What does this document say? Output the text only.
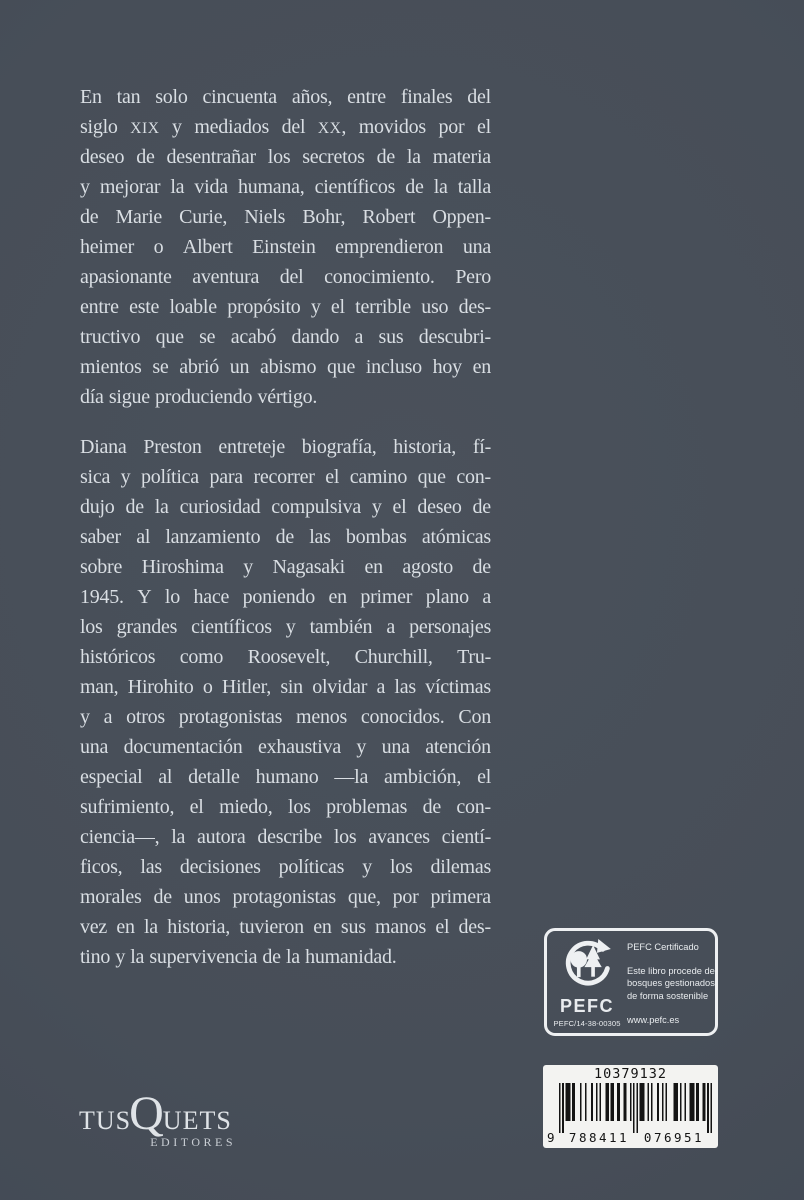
En tan solo cincuenta años, entre finales del
siglo XIX y mediados del XX, movidos por el
deseo de desentrañar los secretos de la materia
y mejorar la vida humana, científicos de la talla
de Marie Curie, Niels Bohr, Robert Oppen-
heimer o Albert Einstein emprendieron una
apasionante aventura del conocimiento. Pero
entre este loable propósito y el terrible uso des-
tructivo que se acabó dando a sus descubri-
mientos se abrió un abismo que incluso hoy en
día sigue produciendo vértigo.
Diana Preston entreteje biografía, historia, fí-
sica y política para recorrer el camino que con-
dujo de la curiosidad compulsiva y el deseo de
saber al lanzamiento de las bombas atómicas
sobre Hiroshima y Nagasaki en agosto de
1945. Y lo hace poniendo en primer plano a
los grandes científicos y también a personajes
históricos como Roosevelt, Churchill, Tru-
man, Hirohito o Hitler, sin olvidar a las víctimas
y a otros protagonistas menos conocidos. Con
una documentación exhaustiva y una atención
especial al detalle humano —la ambición, el
sufrimiento, el miedo, los problemas de con-
ciencia—, la autora describe los avances cientí-
ficos, las decisiones políticas y los dilemas
morales de unos protagonistas que, por primera
vez en la historia, tuvieron en sus manos el des-
tino y la supervivencia de la humanidad.
PEFC
PEFC/14-38-00305
PEFC Certificado
Este libro procede de bosques gestionados de forma sostenible
www.pefc.es
10379132
9 788411	076951
TUSQUETS
EDITORES
